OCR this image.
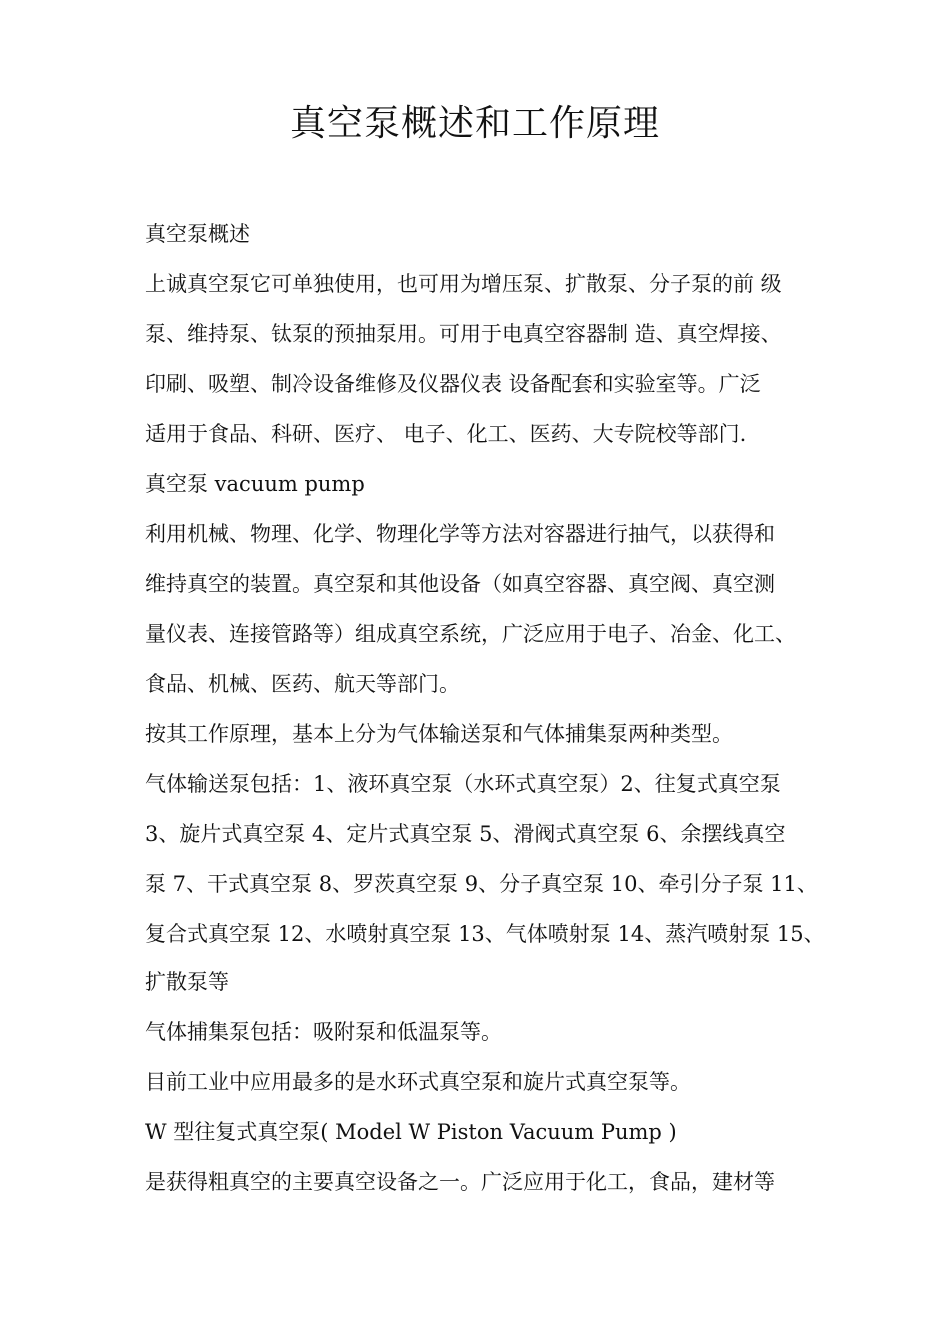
真空泵概述和工作原理
真空泵概述
上诚真空泵它可单独使用，也可用为增压泵、扩散泵、分子泵的前 级
泵、维持泵、钛泵的预抽泵用。可用于电真空容器制 造、真空焊接、
印刷、吸塑、制冷设备维修及仪器仪表 设备配套和实验室等。广泛
适用于食品、科研、医疗、 电子、化工、医药、大专院校等部门.
真空泵 vacuum pump
利用机械、物理、化学、物理化学等方法对容器进行抽气，以获得和
维持真空的装置。真空泵和其他设备（如真空容器、真空阀、真空测
量仪表、连接管路等）组成真空系统，广泛应用于电子、冶金、化工、
食品、机械、医药、航天等部门。
按其工作原理，基本上分为气体输送泵和气体捕集泵两种类型。
气体输送泵包括：1、液环真空泵（水环式真空泵）2、往复式真空泵
3、旋片式真空泵 4、定片式真空泵 5、滑阀式真空泵 6、余摆线真空
泵 7、干式真空泵 8、罗茨真空泵 9、分子真空泵 10、牵引分子泵 11、
复合式真空泵 12、水喷射真空泵 13、气体喷射泵 14、蒸汽喷射泵 15、
扩散泵等
气体捕集泵包括：吸附泵和低温泵等。
目前工业中应用最多的是水环式真空泵和旋片式真空泵等。
W 型往复式真空泵( Model W Piston Vacuum Pump )
是获得粗真空的主要真空设备之一。广泛应用于化工，食品，建材等
